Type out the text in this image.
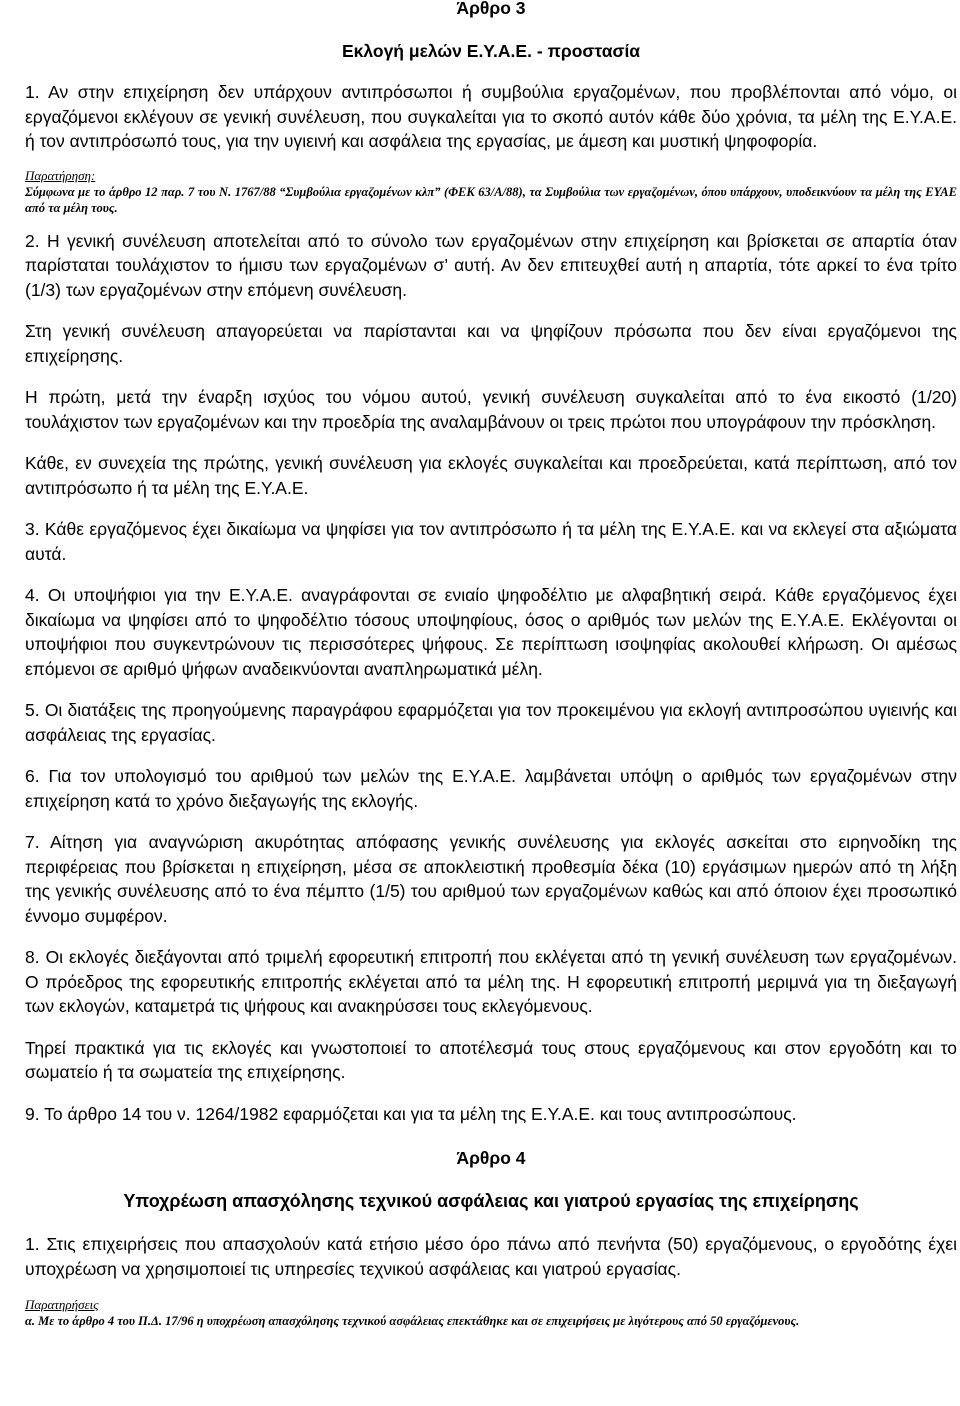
Άρθρο 3
Εκλογή μελών Ε.Υ.Α.Ε. - προστασία

1. Αν στην επιχείρηση δεν υπάρχουν αντιπρόσωποι ή συμβούλια εργαζομένων, που προβλέπονται από νόμο, οι εργαζόμενοι εκλέγουν σε γενική συνέλευση, που συγκαλείται για το σκοπό αυτόν κάθε δύο χρόνια, τα μέλη της Ε.Υ.Α.Ε. ή τον αντιπρόσωπό τους, για την υγιεινή και ασφάλεια της εργασίας, με άμεση και μυστική ψηφοφορία.

Παρατήρηση:

Σύμφωνα με το άρθρο 12 παρ. 7 του Ν. 1767/88 “Συμβούλια εργαζομένων κλπ” (ΦΕΚ 63/Α/88), τα Συμβούλια των εργαζομένων, όπου υπάρχουν, υποδεικνύουν τα μέλη της ΕΥΑΕ από τα μέλη τους.

2. Η γενική συνέλευση αποτελείται από το σύνολο των εργαζομένων στην επιχείρηση και βρίσκεται σε απαρτία όταν παρίσταται τουλάχιστον το ήμισυ των εργαζομένων σ’ αυτή. Αν δεν επιτευχθεί αυτή η απαρτία, τότε αρκεί το ένα τρίτο (1/3) των εργαζομένων στην επόμενη συνέλευση.

Στη γενική συνέλευση απαγορεύεται να παρίστανται και να ψηφίζουν πρόσωπα που δεν είναι εργαζόμενοι της επιχείρησης.

Η πρώτη, μετά την έναρξη ισχύος του νόμου αυτού, γενική συνέλευση συγκαλείται από το ένα εικοστό (1/20) τουλάχιστον των εργαζομένων και την προεδρία της αναλαμβάνουν οι τρεις πρώτοι που υπογράφουν την πρόσκληση.

Κάθε, εν συνεχεία της πρώτης, γενική συνέλευση για εκλογές συγκαλείται και προεδρεύεται, κατά περίπτωση, από τον αντιπρόσωπο ή τα μέλη της Ε.Υ.Α.Ε.

3. Κάθε εργαζόμενος έχει δικαίωμα να ψηφίσει για τον αντιπρόσωπο ή τα μέλη της Ε.Υ.Α.Ε. και να εκλεγεί στα αξιώματα αυτά.

4. Οι υποψήφιοι για την Ε.Υ.Α.Ε. αναγράφονται σε ενιαίο ψηφοδέλτιο με αλφαβητική σειρά. Κάθε εργαζόμενος έχει δικαίωμα να ψηφίσει από το ψηφοδέλτιο τόσους υποψηφίους, όσος ο αριθμός των μελών της Ε.Υ.Α.Ε. Εκλέγονται οι υποψήφιοι που συγκεντρώνουν τις περισσότερες ψήφους. Σε περίπτωση ισοψηφίας ακολουθεί κλήρωση. Οι αμέσως επόμενοι σε αριθμό ψήφων αναδεικνύονται αναπληρωματικά μέλη.

5. Οι διατάξεις της προηγούμενης παραγράφου εφαρμόζεται για τον προκειμένου για εκλογή αντιπροσώπου υγιεινής και ασφάλειας της εργασίας.

6. Για τον υπολογισμό του αριθμού των μελών της Ε.Υ.Α.Ε. λαμβάνεται υπόψη ο αριθμός των εργαζομένων στην επιχείρηση κατά το χρόνο διεξαγωγής της εκλογής.

7. Αίτηση για αναγνώριση ακυρότητας απόφασης γενικής συνέλευσης για εκλογές ασκείται στο ειρηνοδίκη της περιφέρειας που βρίσκεται η επιχείρηση, μέσα σε αποκλειστική προθεσμία δέκα (10) εργάσιμων ημερών από τη λήξη της γενικής συνέλευσης από το ένα πέμπτο (1/5) του αριθμού των εργαζομένων καθώς και από όποιον έχει προσωπικό έννομο συμφέρον.

8. Οι εκλογές διεξάγονται από τριμελή εφορευτική επιτροπή που εκλέγεται από τη γενική συνέλευση των εργαζομένων. Ο πρόεδρος της εφορευτικής επιτροπής εκλέγεται από τα μέλη της. Η εφορευτική επιτροπή μεριμνά για τη διεξαγωγή των εκλογών, καταμετρά τις ψήφους και ανακηρύσσει τους εκλεγόμενους.

Τηρεί πρακτικά για τις εκλογές και γνωστοποιεί το αποτέλεσμά τους στους εργαζόμενους και στον εργοδότη και το σωματείο ή τα σωματεία της επιχείρησης.

9. Το άρθρο 14 του ν. 1264/1982 εφαρμόζεται και για τα μέλη της Ε.Υ.Α.Ε. και τους αντιπροσώπους.

Άρθρο 4
Υποχρέωση απασχόλησης τεχνικού ασφάλειας και γιατρού εργασίας της επιχείρησης

1. Στις επιχειρήσεις που απασχολούν κατά ετήσιο μέσο όρο πάνω από πενήντα (50) εργαζόμενους, ο εργοδότης έχει υποχρέωση να χρησιμοποιεί τις υπηρεσίες τεχνικού ασφάλειας και γιατρού εργασίας.

Παρατηρήσεις

α. Με το άρθρο 4 του Π.Δ. 17/96 η υποχρέωση απασχόλησης τεχνικού ασφάλειας επεκτάθηκε και σε επιχειρήσεις με λιγότερους από 50 εργαζόμενους.
